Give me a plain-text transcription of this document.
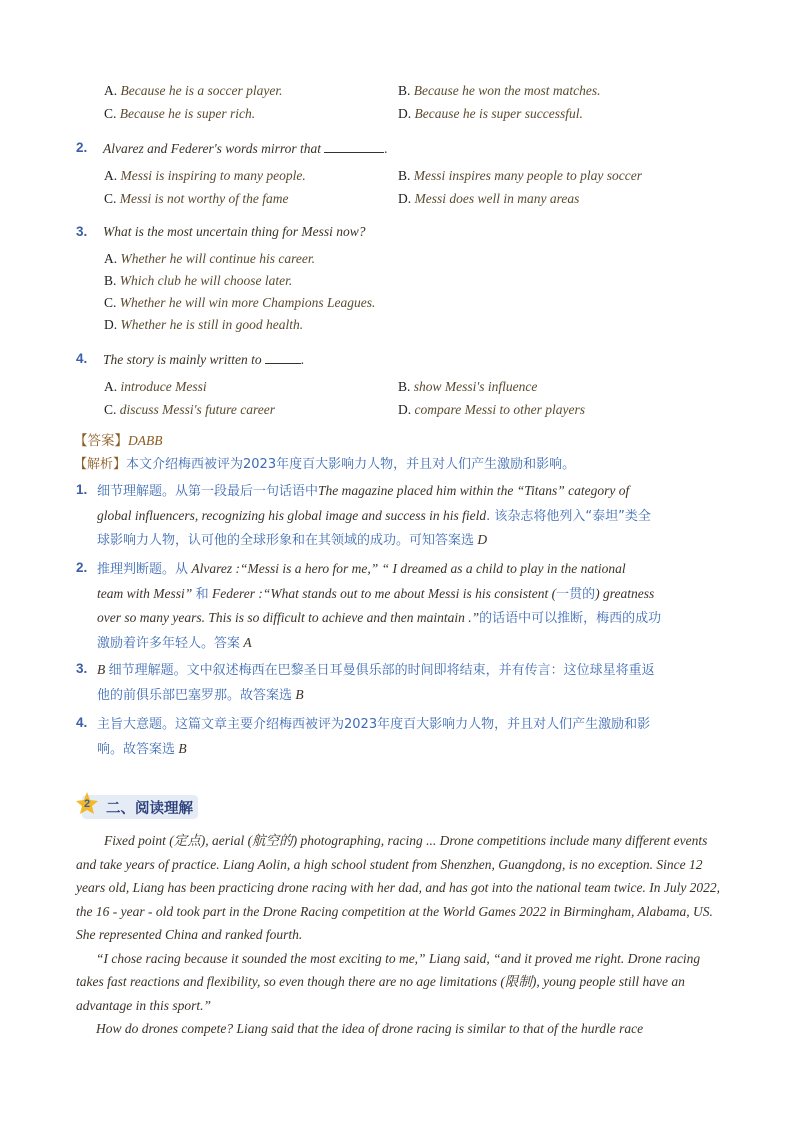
A. Because he is a soccer player.	B. Because he won the most matches.
C. Because he is super rich.	D. Because he is super successful.
2. Alvarez and Federer's words mirror that	.
A. Messi is inspiring to many people.	B. Messi inspires many people to play soccer
C. Messi is not worthy of the fame	D. Messi does well in many areas
3. What is the most uncertain thing for Messi now?
A. Whether he will continue his career.
B. Which club he will choose later.
C. Whether he will win more Champions Leagues.
D. Whether he is still in good health.
4. The story is mainly written to	.
A. introduce Messi	B. show Messi's influence
C. discuss Messi's future career	D. compare Messi to other players
【答案】DABB
【解析】本文介绍梅西被评为2023年度百大影响力人物，并且对人们产生激励和影响。
1. 细节理解题。从第一段最后一句话语中The magazine placed him within the “Titans” category of
global influencers, recognizing his global image and success in his field. 该杂志将他列入“泰坦”类全
球影响力人物，认可他的全球形象和在其领域的成功。可知答案选 D
2. 推理判断题。从 Alvarez :“Messi is a hero for me,” “ I dreamed as a child to play in the national
team with Messi” 和 Federer :“What stands out to me about Messi is his consistent (一贯的) greatness
over so many years. This is so difficult to achieve and then maintain .”的话语中可以推断，梅西的成功
激励着许多年轻人。答案 A
3. B 细节理解题。文中叙述梅西在巴黎圣日耳曼俱乐部的时间即将结束，并有传言：这位球星将重返
他的前俱乐部巴塞罗那。故答案选 B
4. 主旨大意题。这篇文章主要介绍梅西被评为2023年度百大影响力人物，并且对人们产生激励和影
响。故答案选 B
2 二、阅读理解

Fixed point (定点), aerial (航空的) photographing, racing ... Drone competitions include many different events and take years of practice. Liang Aolin, a high school student from Shenzhen, Guangdong, is no exception. Since 12 years old, Liang has been practicing drone racing with her dad, and has got into the national team twice. In July 2022, the 16 - year - old took part in the Drone Racing competition at the World Games 2022 in Birmingham, Alabama, US. She represented China and ranked fourth.

“I chose racing because it sounded the most exciting to me,” Liang said, “and it proved me right. Drone racing takes fast reactions and flexibility, so even though there are no age limitations (限制), young people still have an advantage in this sport.”

How do drones compete? Liang said that the idea of drone racing is similar to that of the hurdle race
